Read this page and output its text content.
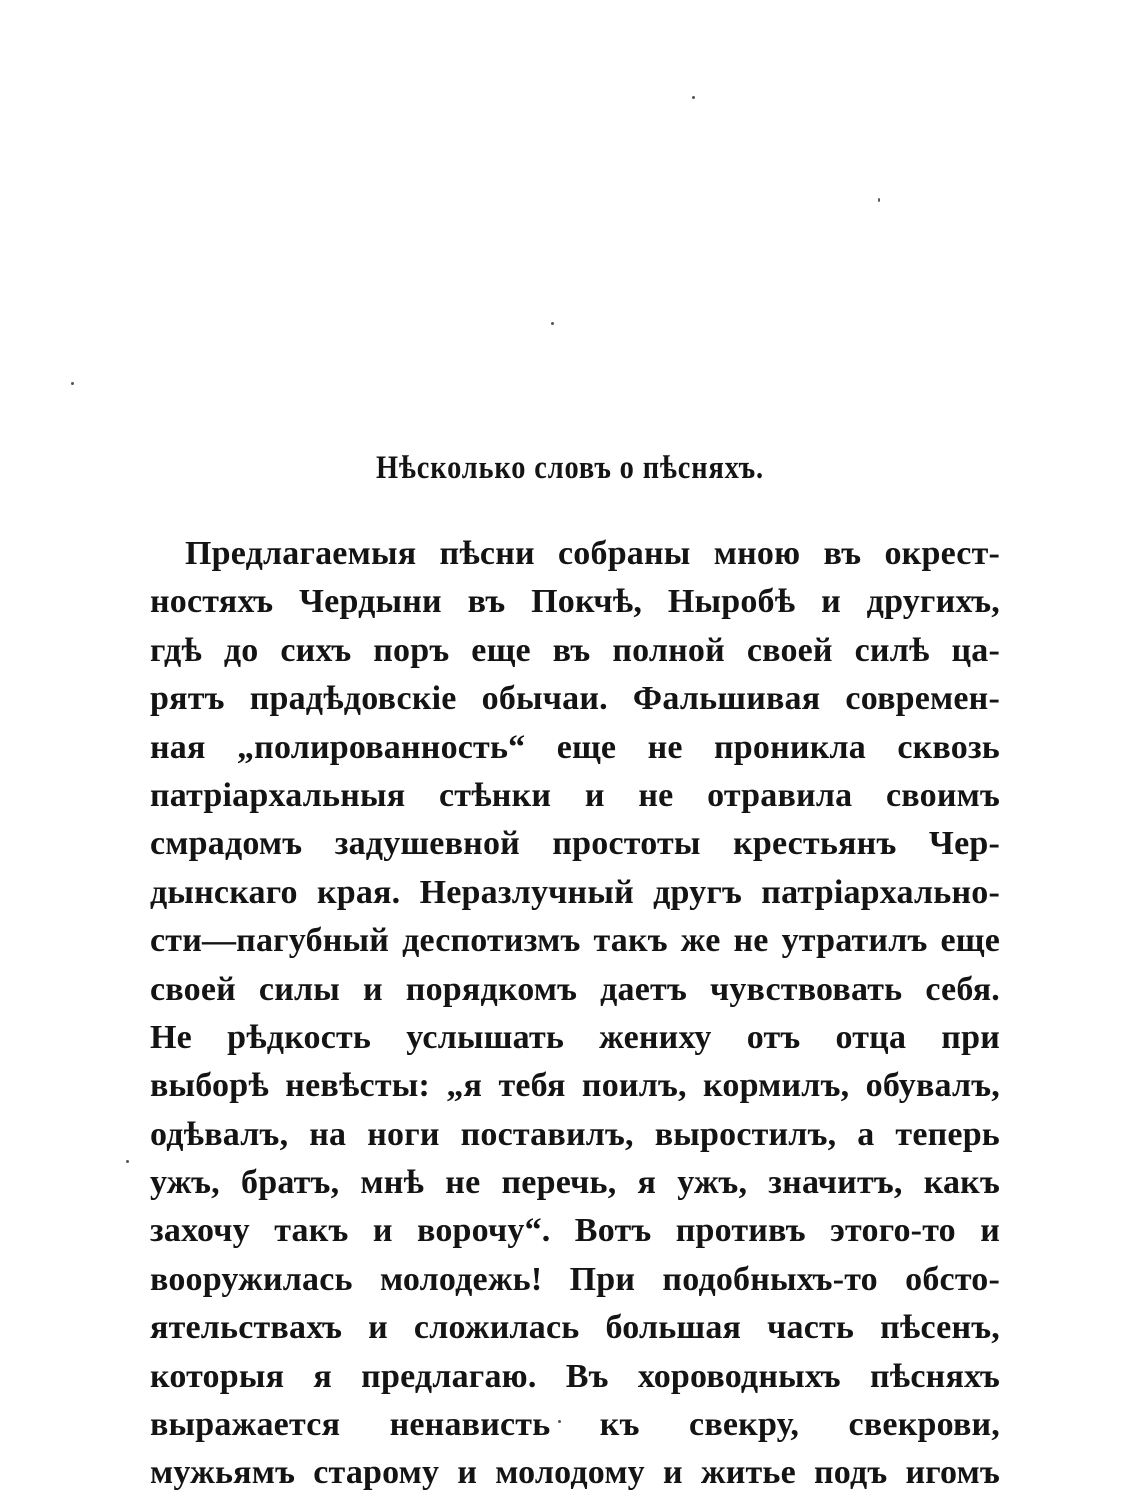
Нѣсколько словъ о пѣсняхъ.
Предлагаемыя пѣсни собраны мною въ окрест-
ностяхъ Чердыни въ Покчѣ, Ныробѣ и другихъ,
гдѣ до сихъ поръ еще въ полной своей силѣ ца-
рятъ прадѣдовскіе обычаи. Фальшивая современ-
ная „полированность“ еще не проникла сквозь
патріархальныя стѣнки и не отравила своимъ
смрадомъ задушевной простоты крестьянъ Чер-
дынскаго края. Неразлучный другъ патріархально-
сти—пагубный деспотизмъ такъ же не утратилъ еще
своей силы и порядкомъ даетъ чувствовать себя.
Не рѣдкость услышать жениху отъ отца при
выборѣ невѣсты: „я тебя поилъ, кормилъ, обувалъ,
одѣвалъ, на ноги поставилъ, выростилъ, а теперь
ужъ, братъ, мнѣ не перечь, я ужъ, значитъ, какъ
захочу такъ и ворочу“. Вотъ противъ этого-то и
вооружилась молодежь! При подобныхъ-то обсто-
ятельствахъ и сложилась большая часть пѣсенъ,
которыя я предлагаю. Въ хороводныхъ пѣсняхъ
выражается ненависть къ свекру, свекрови,
мужьямъ старому и молодому и житье подъ игомъ
